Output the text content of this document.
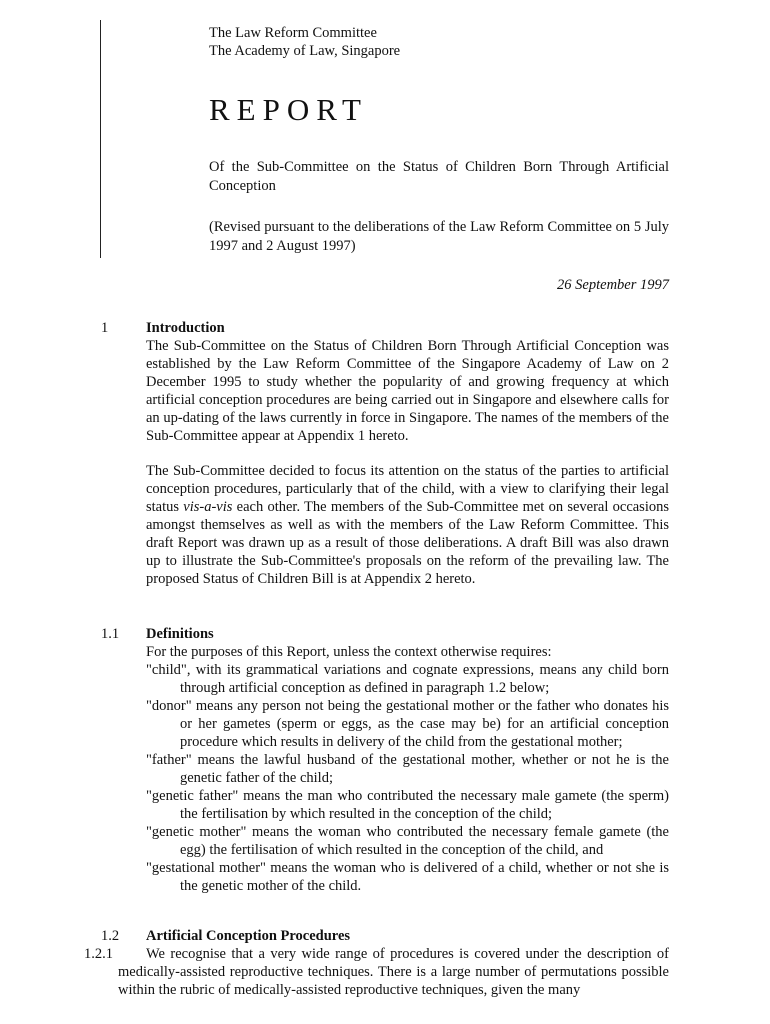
The Law Reform Committee
The Academy of Law, Singapore
REPORT
Of the Sub-Committee on the Status of Children Born Through Artificial Conception
(Revised pursuant to the deliberations of the Law Reform Committee on 5 July 1997 and 2 August 1997)
26 September 1997
1	Introduction

The Sub-Committee on the Status of Children Born Through Artificial Conception was established by the Law Reform Committee of the Singapore Academy of Law on 2 December 1995 to study whether the popularity of and growing frequency at which artificial conception procedures are being carried out in Singapore and elsewhere calls for an up-dating of the laws currently in force in Singapore. The names of the members of the Sub-Committee appear at Appendix 1 hereto.

The Sub-Committee decided to focus its attention on the status of the parties to artificial conception procedures, particularly that of the child, with a view to clarifying their legal status vis-a-vis each other. The members of the Sub-Committee met on several occasions amongst themselves as well as with the members of the Law Reform Committee. This draft Report was drawn up as a result of those deliberations. A draft Bill was also drawn up to illustrate the Sub-Committee's proposals on the reform of the prevailing law. The proposed Status of Children Bill is at Appendix 2 hereto.

1.1 Definitions
For the purposes of this Report, unless the context otherwise requires:

"child", with its grammatical variations and cognate expressions, means any child born through artificial conception as defined in paragraph 1.2 below;

"donor" means any person not being the gestational mother or the father who donates his or her gametes (sperm or eggs, as the case may be) for an artificial conception procedure which results in delivery of the child from the gestational mother;

"father" means the lawful husband of the gestational mother, whether or not he is the genetic father of the child;

"genetic father" means the man who contributed the necessary male gamete (the sperm) the fertilisation by which resulted in the conception of the child;

"genetic mother" means the woman who contributed the necessary female gamete (the egg) the fertilisation of which resulted in the conception of the child, and

"gestational mother" means the woman who is delivered of a child, whether or not she is the genetic mother of the child.

1.2 Artificial Conception Procedures

1.2.1 We recognise that a very wide range of procedures is covered under the description of medically-assisted reproductive techniques. There is a large number of permutations possible within the rubric of medically-assisted reproductive techniques, given the many
